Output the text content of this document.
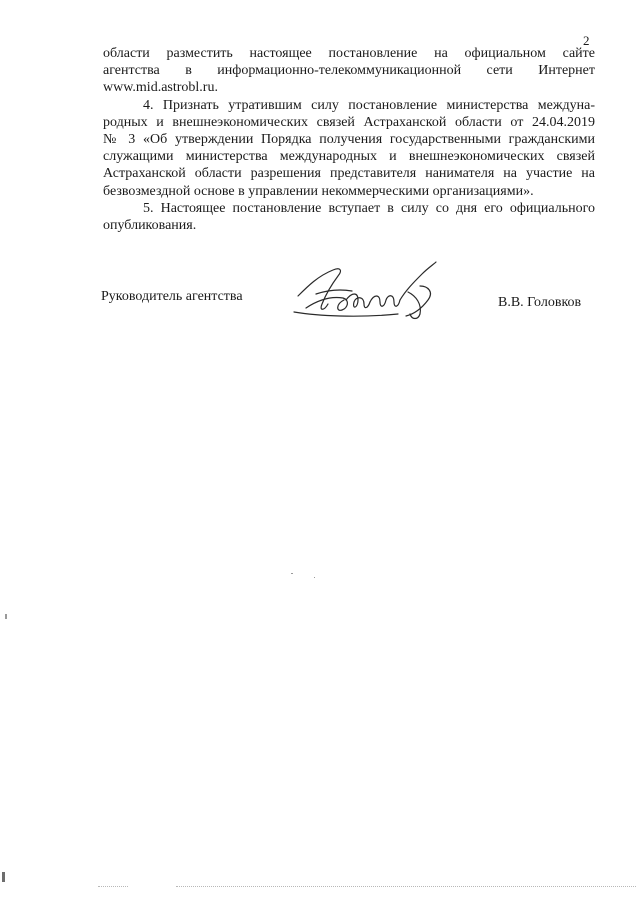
2

области разместить настоящее постановление на официальном сайте

агентства в информационно-телекоммуникационной сети Интернет

www.mid.astrobl.ru.

4. Признать утратившим силу постановление министерства междуна-

родных и внешнеэкономических связей Астраханской области от 24.04.2019

№ 3 «Об утверждении Порядка получения государственными гражданскими

служащими министерства международных и внешнеэкономических связей

Астраханской области разрешения представителя нанимателя на участие на

безвозмездной основе в управлении некоммерческими организациями».

5. Настоящее постановление вступает в силу со дня его официального

опубликования.

Руководитель агентства	В.В. Головков
